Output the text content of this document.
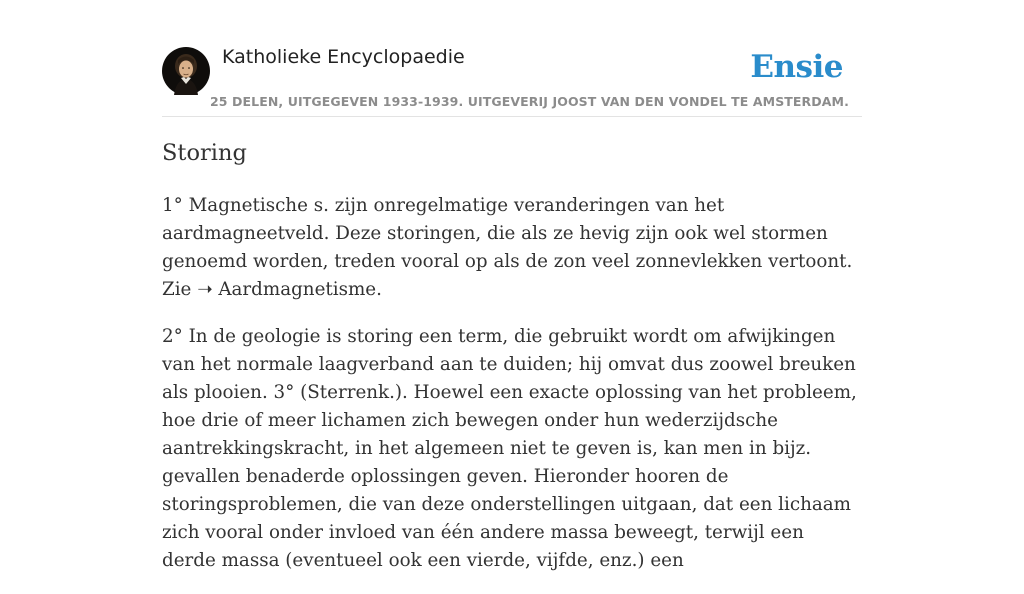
Katholieke Encyclopaedie	Ensie
25 DELEN, UITGEGEVEN 1933-1939. UITGEVERIJ JOOST VAN DEN VONDEL TE AMSTERDAM.
Storing

1° Magnetische s. zijn onregelmatige veranderingen van het aardmagneetveld. Deze storingen, die als ze hevig zijn ook wel stormen genoemd worden, treden vooral op als de zon veel zonnevlekken vertoont. Zie ➝ Aardmagnetisme.

2° In de geologie is storing een term, die gebruikt wordt om afwijkingen van het normale laagverband aan te duiden; hij omvat dus zoowel breuken als plooien. 3° (Sterrenk.). Hoewel een exacte oplossing van het probleem, hoe drie of meer lichamen zich bewegen onder hun wederzijdsche aantrekkingskracht, in het algemeen niet te geven is, kan men in bijz. gevallen benaderde oplossingen geven. Hieronder hooren de storingsproblemen, die van deze onderstellingen uitgaan, dat een lichaam zich vooral onder invloed van één andere massa beweegt, terwijl een derde massa (eventueel ook een vierde, vijfde, enz.) een
